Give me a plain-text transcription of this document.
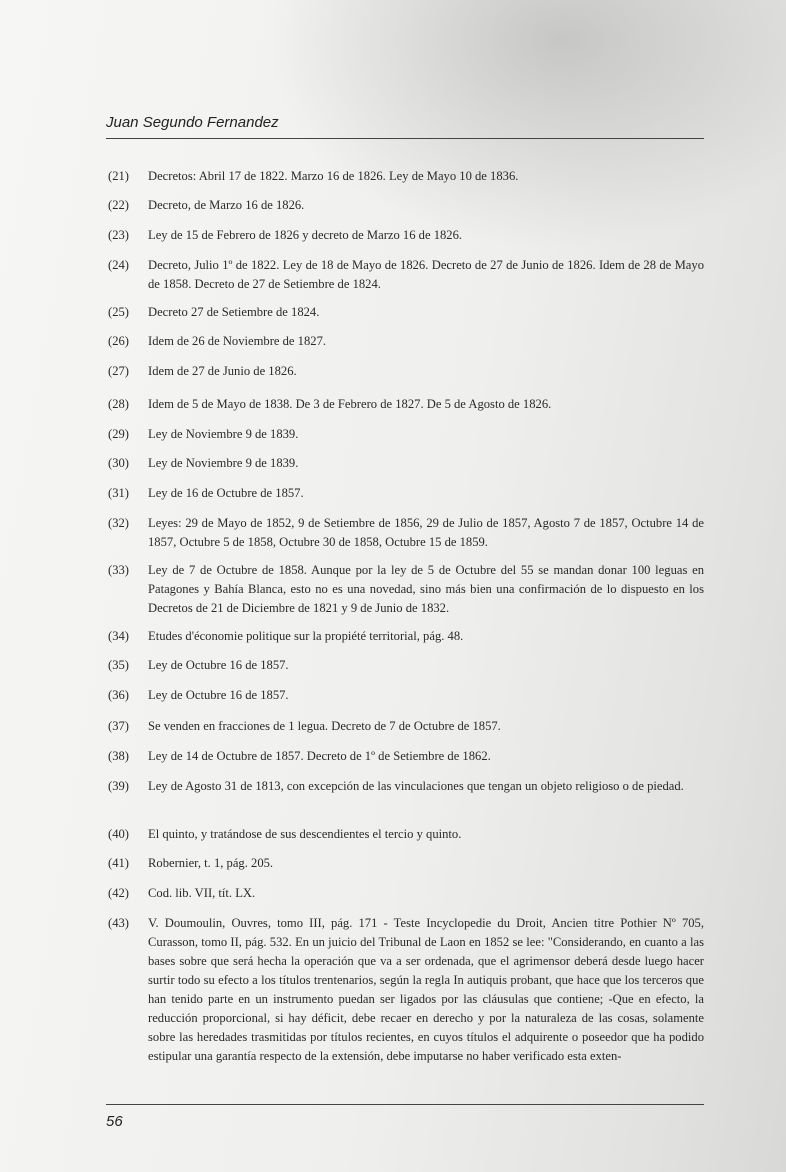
Juan Segundo Fernandez
(21)	Decretos: Abril 17 de 1822. Marzo 16 de 1826. Ley de Mayo 10 de 1836.
(22)	Decreto, de Marzo 16 de 1826.
(23)	Ley de 15 de Febrero de 1826 y decreto de Marzo 16 de 1826.
(24)	Decreto, Julio 1º de 1822. Ley de 18 de Mayo de 1826. Decreto de 27 de Junio de 1826. Idem de 28 de Mayo de 1858. Decreto de 27 de Setiembre de 1824.
(25)	Decreto 27 de Setiembre de 1824.
(26)	Idem de 26 de Noviembre de 1827.
(27)	Idem de 27 de Junio de 1826.
(28)	Idem de 5 de Mayo de 1838. De 3 de Febrero de 1827. De 5 de Agosto de 1826.
(29)	Ley de Noviembre 9 de 1839.
(30)	Ley de Noviembre 9 de 1839.
(31)	Ley de 16 de Octubre de 1857.
(32)	Leyes: 29 de Mayo de 1852, 9 de Setiembre de 1856, 29 de Julio de 1857, Agosto 7 de 1857, Octubre 14 de 1857, Octubre 5 de 1858, Octubre 30 de 1858, Octubre 15 de 1859.
(33)	Ley de 7 de Octubre de 1858. Aunque por la ley de 5 de Octubre del 55 se mandan donar 100 leguas en Patagones y Bahía Blanca, esto no es una novedad, sino más bien una confirmación de lo dispuesto en los Decretos de 21 de Diciembre de 1821 y 9 de Junio de 1832.
(34)	Etudes d'économie politique sur la propiété territorial, pág. 48.
(35)	Ley de Octubre 16 de 1857.
(36)	Ley de Octubre 16 de 1857.
(37)	Se venden en fracciones de 1 legua. Decreto de 7 de Octubre de 1857.
(38)	Ley de 14 de Octubre de 1857. Decreto de 1º de Setiembre de 1862.
(39)	Ley de Agosto 31 de 1813, con excepción de las vinculaciones que tengan un objeto religioso o de piedad.
(40)	El quinto, y tratándose de sus descendientes el tercio y quinto.
(41)	Robernier, t. 1, pág. 205.
(42)	Cod. lib. VII, tít. LX.
(43)	V. Doumoulin, Ouvres, tomo III, pág. 171 - Teste Incyclopedie du Droit, Ancien titre Pothier Nº 705, Curasson, tomo II, pág. 532. En un juicio del Tribunal de Laon en 1852 se lee: "Considerando, en cuanto a las bases sobre que será hecha la operación que va a ser ordenada, que el agrimensor deberá desde luego hacer surtir todo su efecto a los títulos trentenarios, según la regla In autiquis probant, que hace que los terceros que han tenido parte en un instrumento puedan ser ligados por las cláusulas que contiene; -Que en efecto, la reducción proporcional, si hay déficit, debe recaer en derecho y por la naturaleza de las cosas, solamente sobre las heredades trasmitidas por títulos recientes, en cuyos títulos el adquirente o poseedor que ha podido estipular una garantía respecto de la extensión, debe imputarse no haber verificado esta exten-
56
